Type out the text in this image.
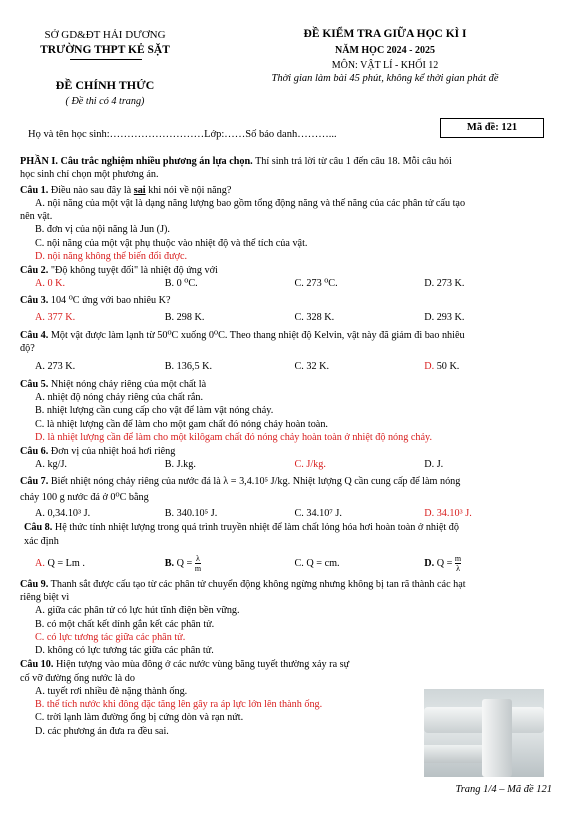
SỞ GD&ĐT HẢI DƯƠNG
TRƯỜNG THPT KẺ SẶT
ĐỀ CHÍNH THỨC
( Đề thi có 4 trang)
ĐỀ KIỂM TRA GIỮA HỌC KÌ I
NĂM HỌC 2024 - 2025
MÔN: VẬT LÍ - KHỐI 12
Thời gian làm bài 45 phút, không kể thời gian phát đề
Mã đề: 121
Họ và tên học sinh:………………………Lớp:……Số báo danh………...
PHẦN I. Câu trắc nghiệm nhiều phương án lựa chọn. Thí sinh trả lời từ câu 1 đến câu 18. Mỗi câu hỏi
học sinh chỉ chọn một phương án.
Câu 1. Điều nào sau đây là sai khi nói về nội năng?
A. nội năng của một vật là dạng năng lượng bao gồm tổng động năng và thế năng của các phân tử cấu tạo
nên vật.
B. đơn vị của nội năng là Jun (J).
C. nội năng của một vật phụ thuộc vào nhiệt độ và thể tích của vật.
D. nội năng không thể biến đổi được.
Câu 2. "Độ không tuyệt đối" là nhiệt độ ứng với
A. 0 K.	B. 0 ⁰C.	C. 273 ⁰C.	D. 273 K.
Câu 3. 104 ⁰C ứng với bao nhiêu K?
A. 377 K.	B. 298 K.	C. 328 K.	D. 293 K.
Câu 4. Một vật được làm lạnh từ 50⁰C xuống 0⁰C. Theo thang nhiệt độ Kelvin, vật này đã giảm đi bao nhiêu
độ?
A. 273 K.	B. 136,5 K.	C. 32 K.	D. 50 K.
Câu 5. Nhiệt nóng chảy riêng của một chất là
A. nhiệt độ nóng chảy riêng của chất rắn.
B. nhiệt lượng cần cung cấp cho vật để làm vật nóng chảy.
C. là nhiệt lượng cần để làm cho một gam chất đó nóng chảy hoàn toàn.
D. là nhiệt lượng cần để làm cho một kilôgam chất đó nóng chảy hoàn toàn ở nhiệt độ nóng chảy.
Câu 6. Đơn vị của nhiệt hoá hơi riêng
A. kg/J.	B. J.kg.	C. J/kg.	D. J.
Câu 7. Biết nhiệt nóng chảy riêng của nước đá là λ = 3,4.10⁵ J/kg. Nhiệt lượng Q cần cung cấp để làm nóng
chảy 100 g nước đá ở 0⁰C bằng
A. 0,34.10³ J.	B. 340.10⁵ J.	C. 34.10⁷ J.	D. 34.10³ J.
Câu 8. Hệ thức tính nhiệt lượng trong quá trình truyền nhiệt để làm chất lỏng hóa hơi hoàn toàn ở nhiệt độ
xác định
A. Q = Lm .	B. $Q = \frac{\lambda}{m}$	C. Q = cm.	D. $Q = \frac{m}{\lambda}$
Câu 9. Thanh sắt được cấu tạo từ các phân tử chuyển động không ngừng nhưng không bị tan rã thành các hạt
riêng biệt vì
A. giữa các phân tử có lực hút tĩnh điện bền vững.
B. có một chất kết dính gắn kết các phân tử.
C. có lực tương tác giữa các phân tử.
D. không có lực tương tác giữa các phân tử.
Câu 10. Hiện tượng vào mùa đông ở các nước vùng băng tuyết thường xảy ra sự
cố vỡ đường ống nước là do
A. tuyết rơi nhiều đè nặng thành ống.
B. thể tích nước khi đông đặc tăng lên gây ra áp lực lớn lên thành ống.
C. trời lạnh làm đường ống bị cứng dòn và rạn nứt.
D. các phương án đưa ra đều sai.
Trang 1/4 – Mã đề 121
